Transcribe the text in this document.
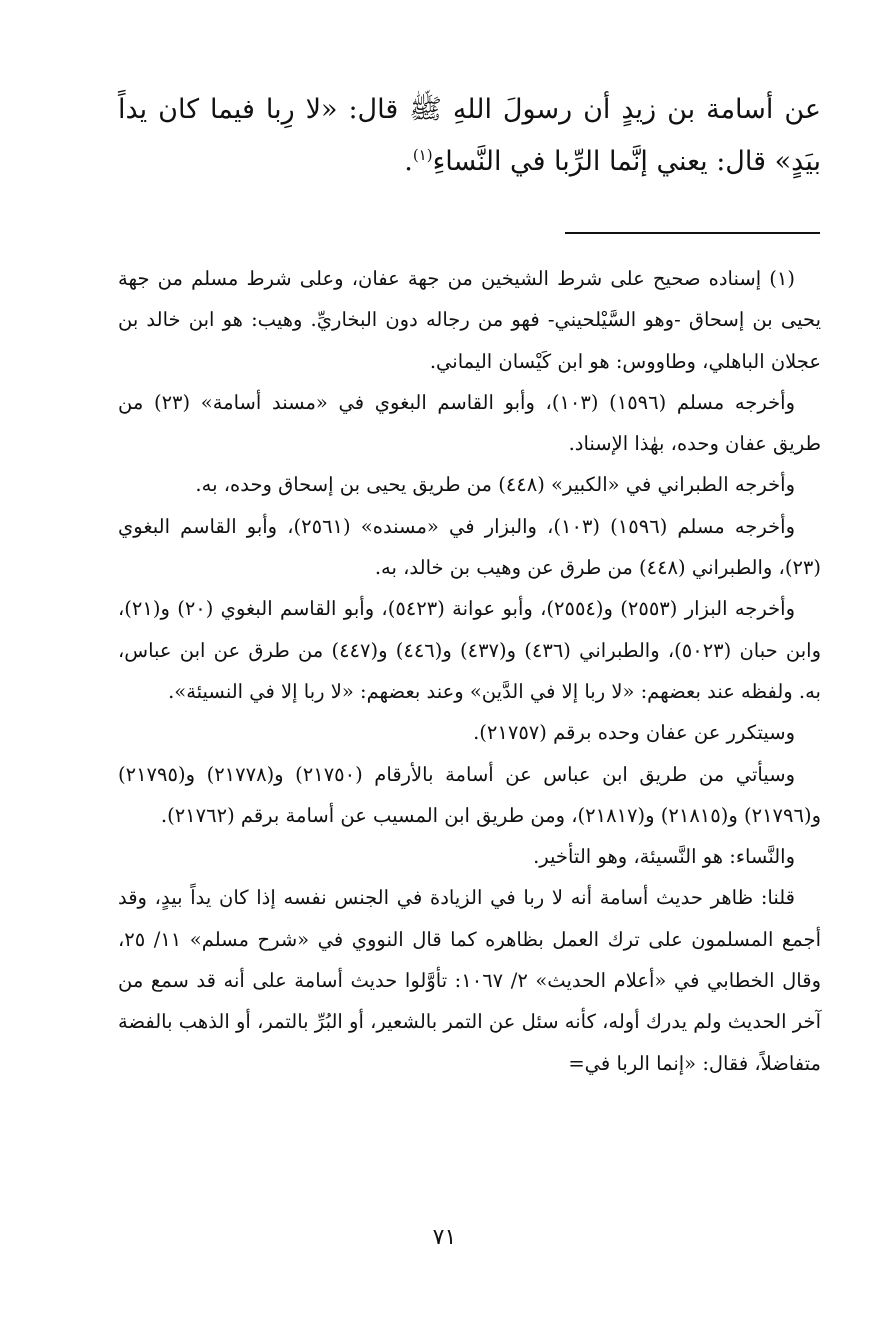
عن أسامة بن زيدٍ أن رسولَ اللهِ ﷺ قال: «لا رِبا فيما كان يداً بيَدٍ» قال: يعني إنَّما الرِّبا في النَّساءِ$^{(١)}$.

(١) إسناده صحيح على شرط الشيخين من جهة عفان، وعلى شرط مسلم من جهة يحيى بن إسحاق -وهو السَّيْلحيني- فهو من رجاله دون البخاريِّ. وهيب: هو ابن خالد بن عجلان الباهلي، وطاووس: هو ابن كَيْسان اليماني.

وأخرجه مسلم (١٥٩٦) (١٠٣)، وأبو القاسم البغوي في «مسند أسامة» (٢٣) من طريق عفان وحده، بهٰذا الإسناد.

وأخرجه الطبراني في «الكبير» (٤٤٨) من طريق يحيى بن إسحاق وحده، به.

وأخرجه مسلم (١٥٩٦) (١٠٣)، والبزار في «مسنده» (٢٥٦١)، وأبو القاسم البغوي (٢٣)، والطبراني (٤٤٨) من طرق عن وهيب بن خالد، به.

وأخرجه البزار (٢٥٥٣) و(٢٥٥٤)، وأبو عوانة (٥٤٢٣)، وأبو القاسم البغوي (٢٠) و(٢١)، وابن حبان (٥٠٢٣)، والطبراني (٤٣٦) و(٤٣٧) و(٤٤٦) و(٤٤٧) من طرق عن ابن عباس، به. ولفظه عند بعضهم: «لا ربا إلا في الدَّين» وعند بعضهم: «لا ربا إلا في النسيئة».

وسيتكرر عن عفان وحده برقم (٢١٧٥٧).

وسيأتي من طريق ابن عباس عن أسامة بالأرقام (٢١٧٥٠) و(٢١٧٧٨) و(٢١٧٩٥) و(٢١٧٩٦) و(٢١٨١٥) و(٢١٨١٧)، ومن طريق ابن المسيب عن أسامة برقم (٢١٧٦٢).

والنَّساء: هو النَّسيئة، وهو التأخير.

قلنا: ظاهر حديث أسامة أنه لا ربا في الزيادة في الجنس نفسه إذا كان يداً بيدٍ، وقد أجمع المسلمون على ترك العمل بظاهره كما قال النووي في «شرح مسلم» ١١/ ٢٥، وقال الخطابي في «أعلام الحديث» ٢/ ١٠٦٧: تأوَّلوا حديث أسامة على أنه قد سمع من آخر الحديث ولم يدرك أوله، كأنه سئل عن التمر بالشعير، أو البُرِّ بالتمر، أو الذهب بالفضة متفاضلاً، فقال: «إنما الربا في=

٧١
